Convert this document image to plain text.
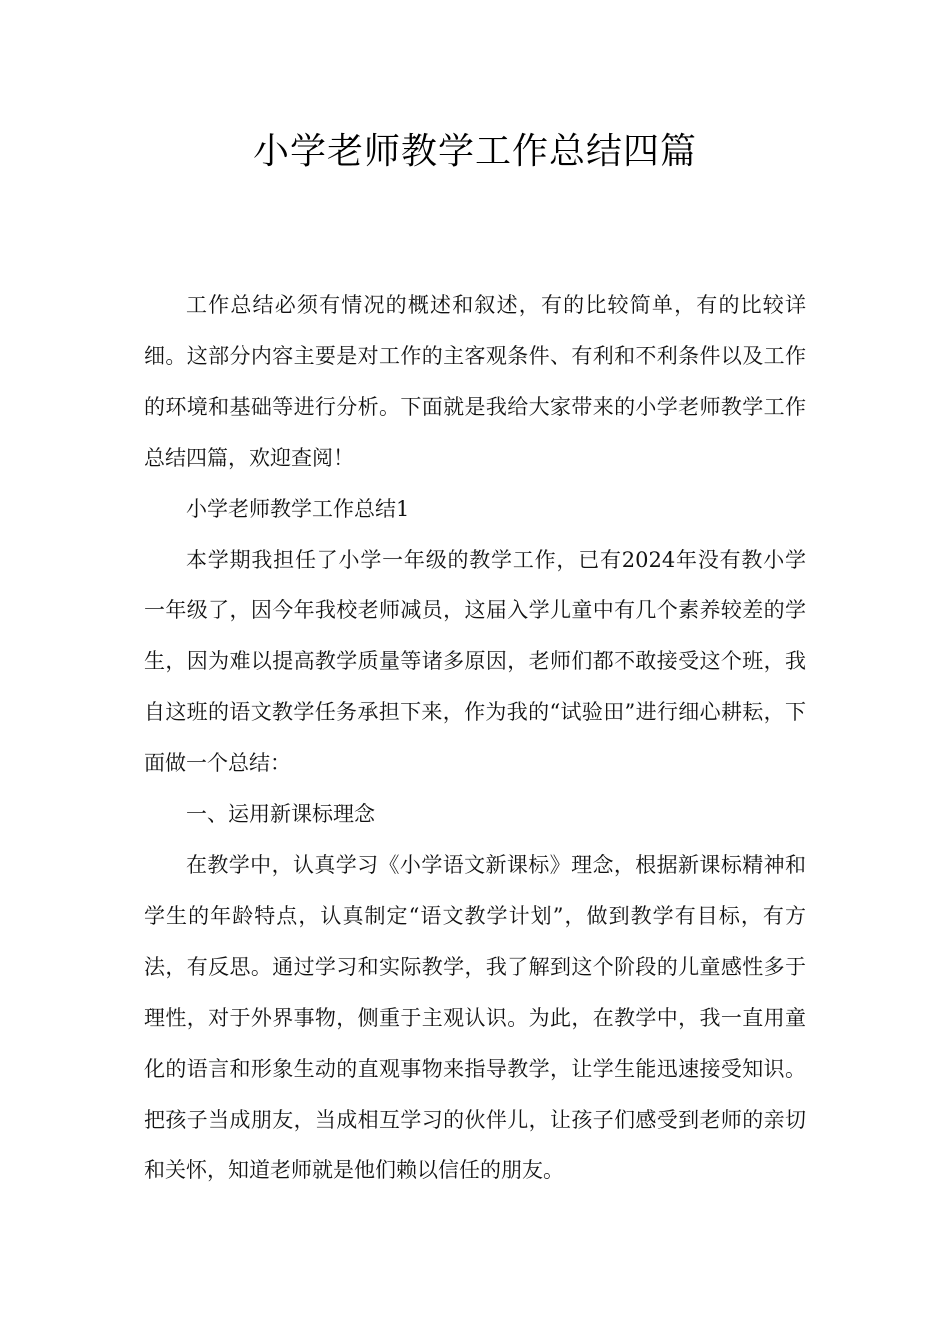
小学老师教学工作总结四篇

工作总结必须有情况的概述和叙述，有的比较简单，有的比较详细。这部分内容主要是对工作的主客观条件、有利和不利条件以及工作的环境和基础等进行分析。下面就是我给大家带来的小学老师教学工作总结四篇，欢迎查阅！

小学老师教学工作总结1

本学期我担任了小学一年级的教学工作，已有2024年没有教小学一年级了，因今年我校老师减员，这届入学儿童中有几个素养较差的学生，因为难以提高教学质量等诸多原因，老师们都不敢接受这个班，我自这班的语文教学任务承担下来，作为我的“试验田”进行细心耕耘，下面做一个总结：

一、运用新课标理念

在教学中，认真学习《小学语文新课标》理念，根据新课标精神和学生的年龄特点，认真制定“语文教学计划”，做到教学有目标，有方法，有反思。通过学习和实际教学，我了解到这个阶段的儿童感性多于理性，对于外界事物，侧重于主观认识。为此，在教学中，我一直用童化的语言和形象生动的直观事物来指导教学，让学生能迅速接受知识。把孩子当成朋友，当成相互学习的伙伴儿，让孩子们感受到老师的亲切和关怀，知道老师就是他们赖以信任的朋友。
